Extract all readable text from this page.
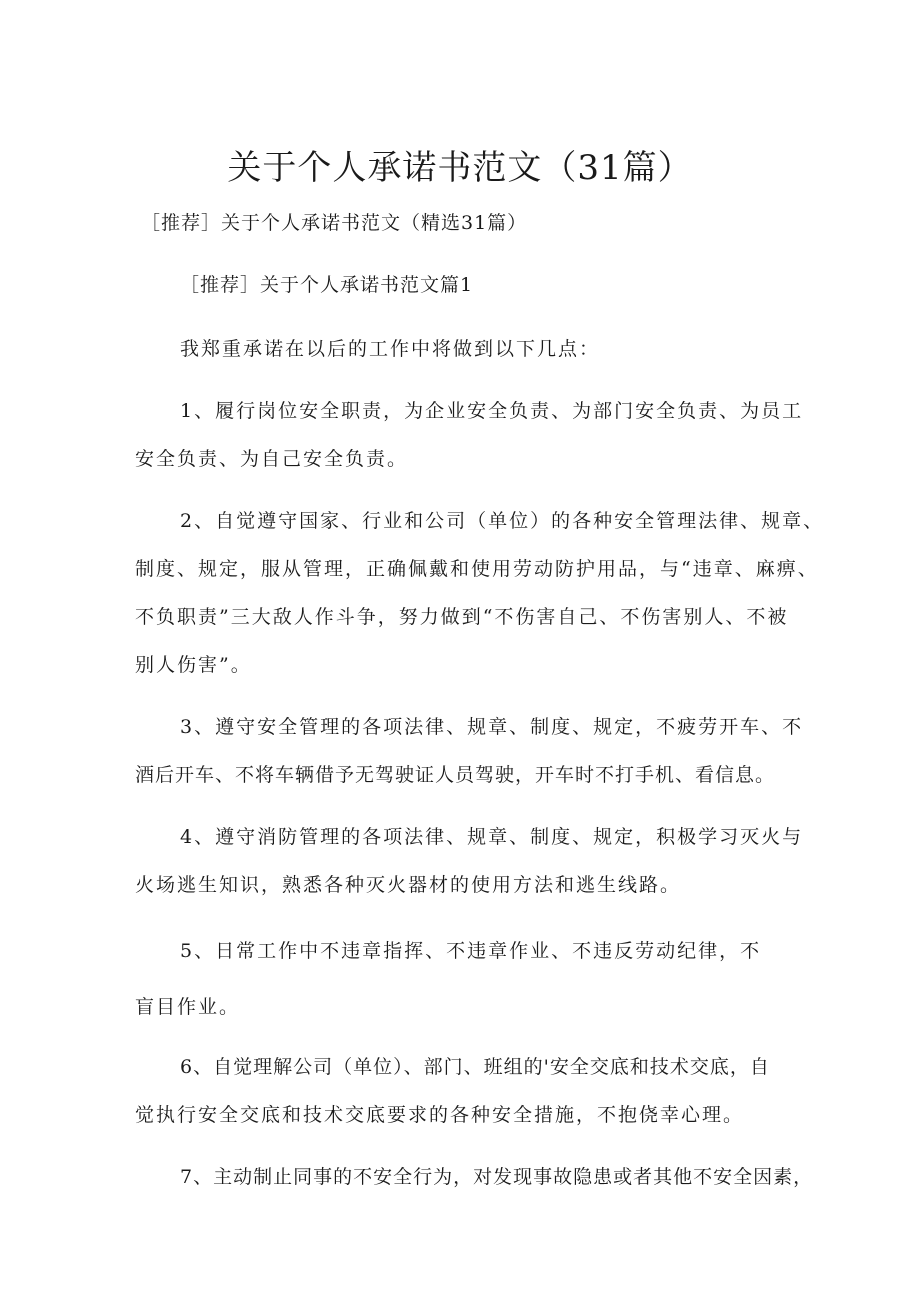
关于个人承诺书范文（31篇）
［推荐］关于个人承诺书范文（精选31篇）
［推荐］关于个人承诺书范文篇1
我郑重承诺在以后的工作中将做到以下几点：
1、履行岗位安全职责，为企业安全负责、为部门安全负责、为员工
安全负责、为自己安全负责。
2、自觉遵守国家、行业和公司（单位）的各种安全管理法律、规章、
制度、规定，服从管理，正确佩戴和使用劳动防护用品，与“违章、麻痹、
不负职责”三大敌人作斗争，努力做到“不伤害自己、不伤害别人、不被
别人伤害”。
3、遵守安全管理的各项法律、规章、制度、规定，不疲劳开车、不
酒后开车、不将车辆借予无驾驶证人员驾驶，开车时不打手机、看信息。
4、遵守消防管理的各项法律、规章、制度、规定，积极学习灭火与
火场逃生知识，熟悉各种灭火器材的使用方法和逃生线路。
5、日常工作中不违章指挥、不违章作业、不违反劳动纪律，不
盲目作业。
6、自觉理解公司（单位）、部门、班组的'安全交底和技术交底，自
觉执行安全交底和技术交底要求的各种安全措施，不抱侥幸心理。
7、主动制止同事的不安全行为，对发现事故隐患或者其他不安全因素，
